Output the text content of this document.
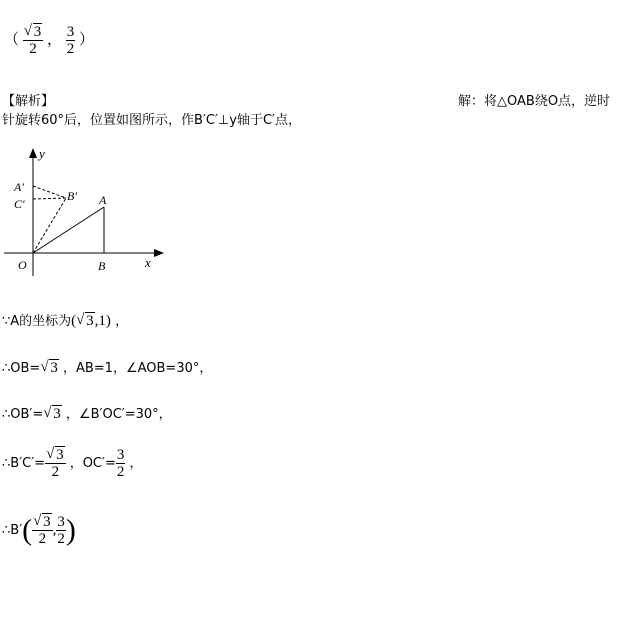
（ $\frac{√ 3}{2}$ ， $\frac{3}{2}$ ）
【解析】	解：将△OAB绕O点，逆时
针旋转60°后，位置如图所示，作B′C′⊥y轴于C′点，
y
x
A′
C′
B′ A
O	B
∵A的坐标为( √ 3,1) ，
∴OB= √ 3 ，AB=1，∠AOB=30°，
∴OB′= √ 3 ，∠B′OC′=30°，
∴B′C′= $\frac{√ 3}{2}$ ，$OC'= \frac{3}{2}$ ，
∴B′( $\frac{√ 3}{2}$ , $\frac{3}{2}$ )
